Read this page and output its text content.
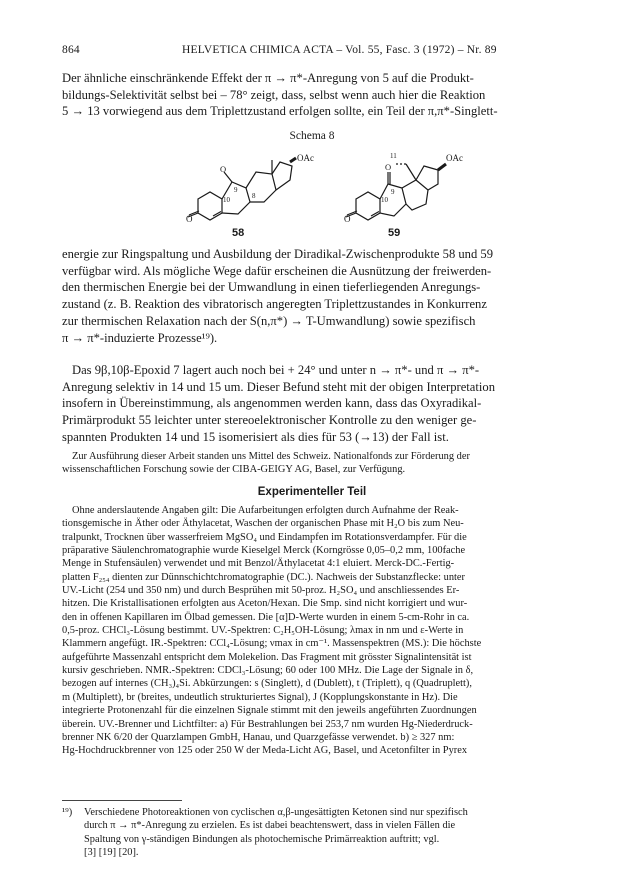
864	HELVETICA CHIMICA ACTA – Vol. 55, Fasc. 3 (1972) – Nr. 89
Der ähnliche einschränkende Effekt der π → π*-Anregung von 5 auf die Produkt-
bildungs-Selektivität selbst bei – 78° zeigt, dass, selbst wenn auch hier die Reaktion
5 → 13 vorwiegend aus dem Triplettzustand erfolgen sollte, ein Teil der π,π*-Singlett-
Schema 8
O
O
9
10	8
OAc
58
O
11
O
10
9
OAc
59
energie zur Ringspaltung und Ausbildung der Diradikal-Zwischenprodukte 58 und 59
verfügbar wird. Als mögliche Wege dafür erscheinen die Ausnützung der freiwerden-
den thermischen Energie bei der Umwandlung in einen tieferliegenden Anregungs-
zustand (z. B. Reaktion des vibratorisch angeregten Triplettzustandes in Konkurrenz
zur thermischen Relaxation nach der S(n,π*) → T-Umwandlung) sowie spezifisch
π → π*-induzierte Prozesse¹⁹).
Das 9β,10β-Epoxid 7 lagert auch noch bei + 24° und unter n → π*- und π → π*-
Anregung selektiv in 14 und 15 um. Dieser Befund steht mit der obigen Interpretation
insofern in Übereinstimmung, als angenommen werden kann, dass das Oxyradikal-
Primärprodukt 55 leichter unter stereoelektronischer Kontrolle zu den weniger ge-
spannten Produkten 14 und 15 isomerisiert als dies für 53 (→13) der Fall ist.
Zur Ausführung dieser Arbeit standen uns Mittel des Schweiz. Nationalfonds zur Förderung der
wissenschaftlichen Forschung sowie der CIBA-GEIGY AG, Basel, zur Verfügung.
Experimenteller Teil
Ohne anderslautende Angaben gilt: Die Aufarbeitungen erfolgten durch Aufnahme der Reak-
tionsgemische in Äther oder Äthylacetat, Waschen der organischen Phase mit H₂O bis zum Neu-
tralpunkt, Trocknen über wasserfreiem MgSO₄ und Eindampfen im Rotationsverdampfer. Für die
präparative Säulenchromatographie wurde Kieselgel Merck (Korngrösse 0,05–0,2 mm, 100fache
Menge in Stufensäulen) verwendet und mit Benzol/Äthylacetat 4:1 eluiert. Merck-DC.-Fertig-
platten F₂₅₄ dienten zur Dünnschichtchromatographie (DC.). Nachweis der Substanzflecke: unter
UV.-Licht (254 und 350 nm) und durch Besprühen mit 50-proz. H₂SO₄ und anschliessendes Er-
hitzen. Die Kristallisationen erfolgten aus Aceton/Hexan. Die Smp. sind nicht korrigiert und wur-
den in offenen Kapillaren im Ölbad gemessen. Die [α]D-Werte wurden in einem 5-cm-Rohr in ca.
0,5-proz. CHCl₃-Lösung bestimmt. UV.-Spektren: C₂H₅OH-Lösung; λmax in nm und ε-Werte in
Klammern angefügt. IR.-Spektren: CCl₄-Lösung; νmax in cm⁻¹. Massenspektren (MS.): Die höchste
aufgeführte Massenzahl entspricht dem Molekelion. Das Fragment mit grösster Signalintensität ist
kursiv geschrieben. NMR.-Spektren: CDCl₃-Lösung; 60 oder 100 MHz. Die Lage der Signale in δ,
bezogen auf internes (CH₃)₄Si. Abkürzungen: s (Singlett), d (Dublett), t (Triplett), q (Quadruplett),
m (Multiplett), br (breites, undeutlich strukturiertes Signal), J (Kopplungskonstante in Hz). Die
integrierte Protonenzahl für die einzelnen Signale stimmt mit den jeweils angeführten Zuordnungen
überein. UV.-Brenner und Lichtfilter: a) Für Bestrahlungen bei 253,7 nm wurden Hg-Niederdruck-
brenner NK 6/20 der Quarzlampen GmbH, Hanau, und Quarzgefässe verwendet. b) ≥ 327 nm:
Hg-Hochdruckbrenner von 125 oder 250 W der Meda-Licht AG, Basel, und Acetonfilter in Pyrex
¹⁹) Verschiedene Photoreaktionen von cyclischen α,β-ungesättigten Ketonen sind nur spezifisch
durch π → π*-Anregung zu erzielen. Es ist dabei beachtenswert, dass in vielen Fällen die
Spaltung von γ-ständigen Bindungen als photochemische Primärreaktion auftritt; vgl.
[3] [19] [20].
